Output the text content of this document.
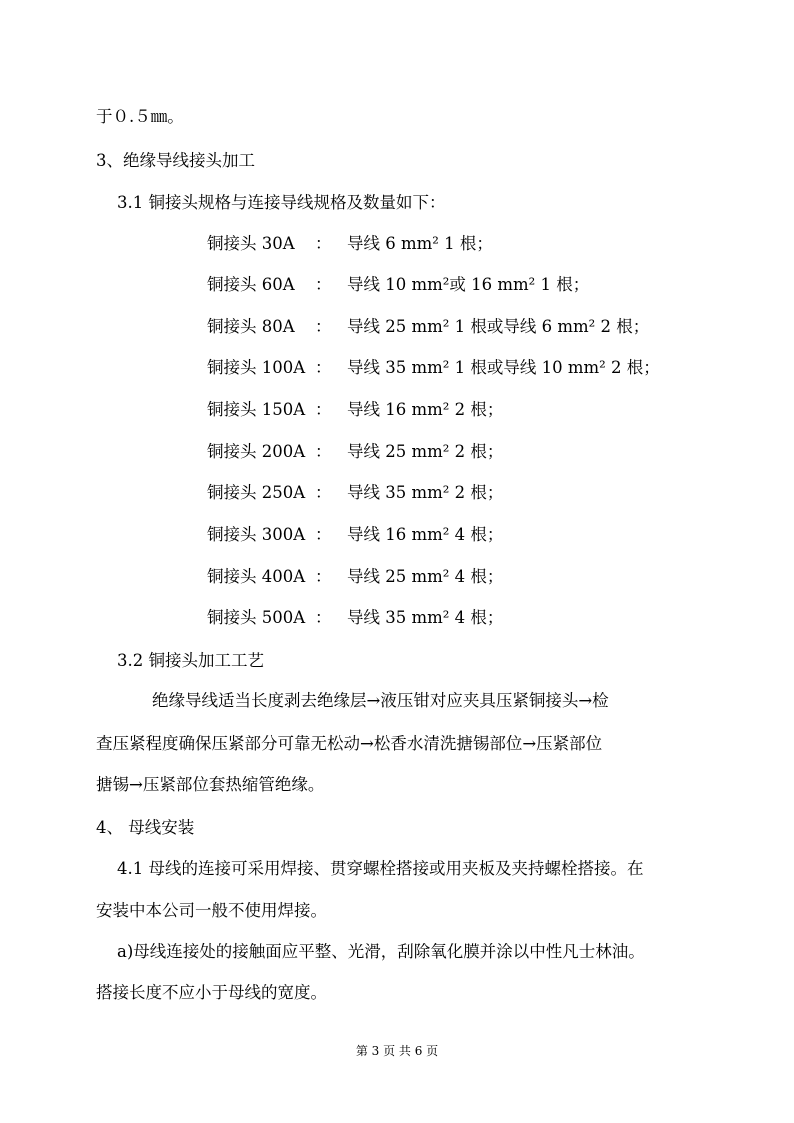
于０.５㎜。
3、绝缘导线接头加工
3.1 铜接头规格与连接导线规格及数量如下：
铜接头 30A ： 导线 6 mm² 1 根；
铜接头 60A ： 导线 10 mm²或 16 mm² 1 根；
铜接头 80A ： 导线 25 mm² 1 根或导线 6 mm² 2 根；
铜接头 100A ： 导线 35 mm² 1 根或导线 10 mm² 2 根；
铜接头 150A ： 导线 16 mm² 2 根；
铜接头 200A ： 导线 25 mm² 2 根；
铜接头 250A ： 导线 35 mm² 2 根；
铜接头 300A ： 导线 16 mm² 4 根；
铜接头 400A ： 导线 25 mm² 4 根；
铜接头 500A ： 导线 35 mm² 4 根；
3.2 铜接头加工工艺
绝缘导线适当长度剥去绝缘层→液压钳对应夹具压紧铜接头→检
查压紧程度确保压紧部分可靠无松动→松香水清洗搪锡部位→压紧部位
搪锡→压紧部位套热缩管绝缘。
4、 母线安装
4.1 母线的连接可采用焊接、贯穿螺栓搭接或用夹板及夹持螺栓搭接。在
安装中本公司一般不使用焊接。
a)母线连接处的接触面应平整、光滑，刮除氧化膜并涂以中性凡士林油。
搭接长度不应小于母线的宽度。
第 3 页 共 6 页
